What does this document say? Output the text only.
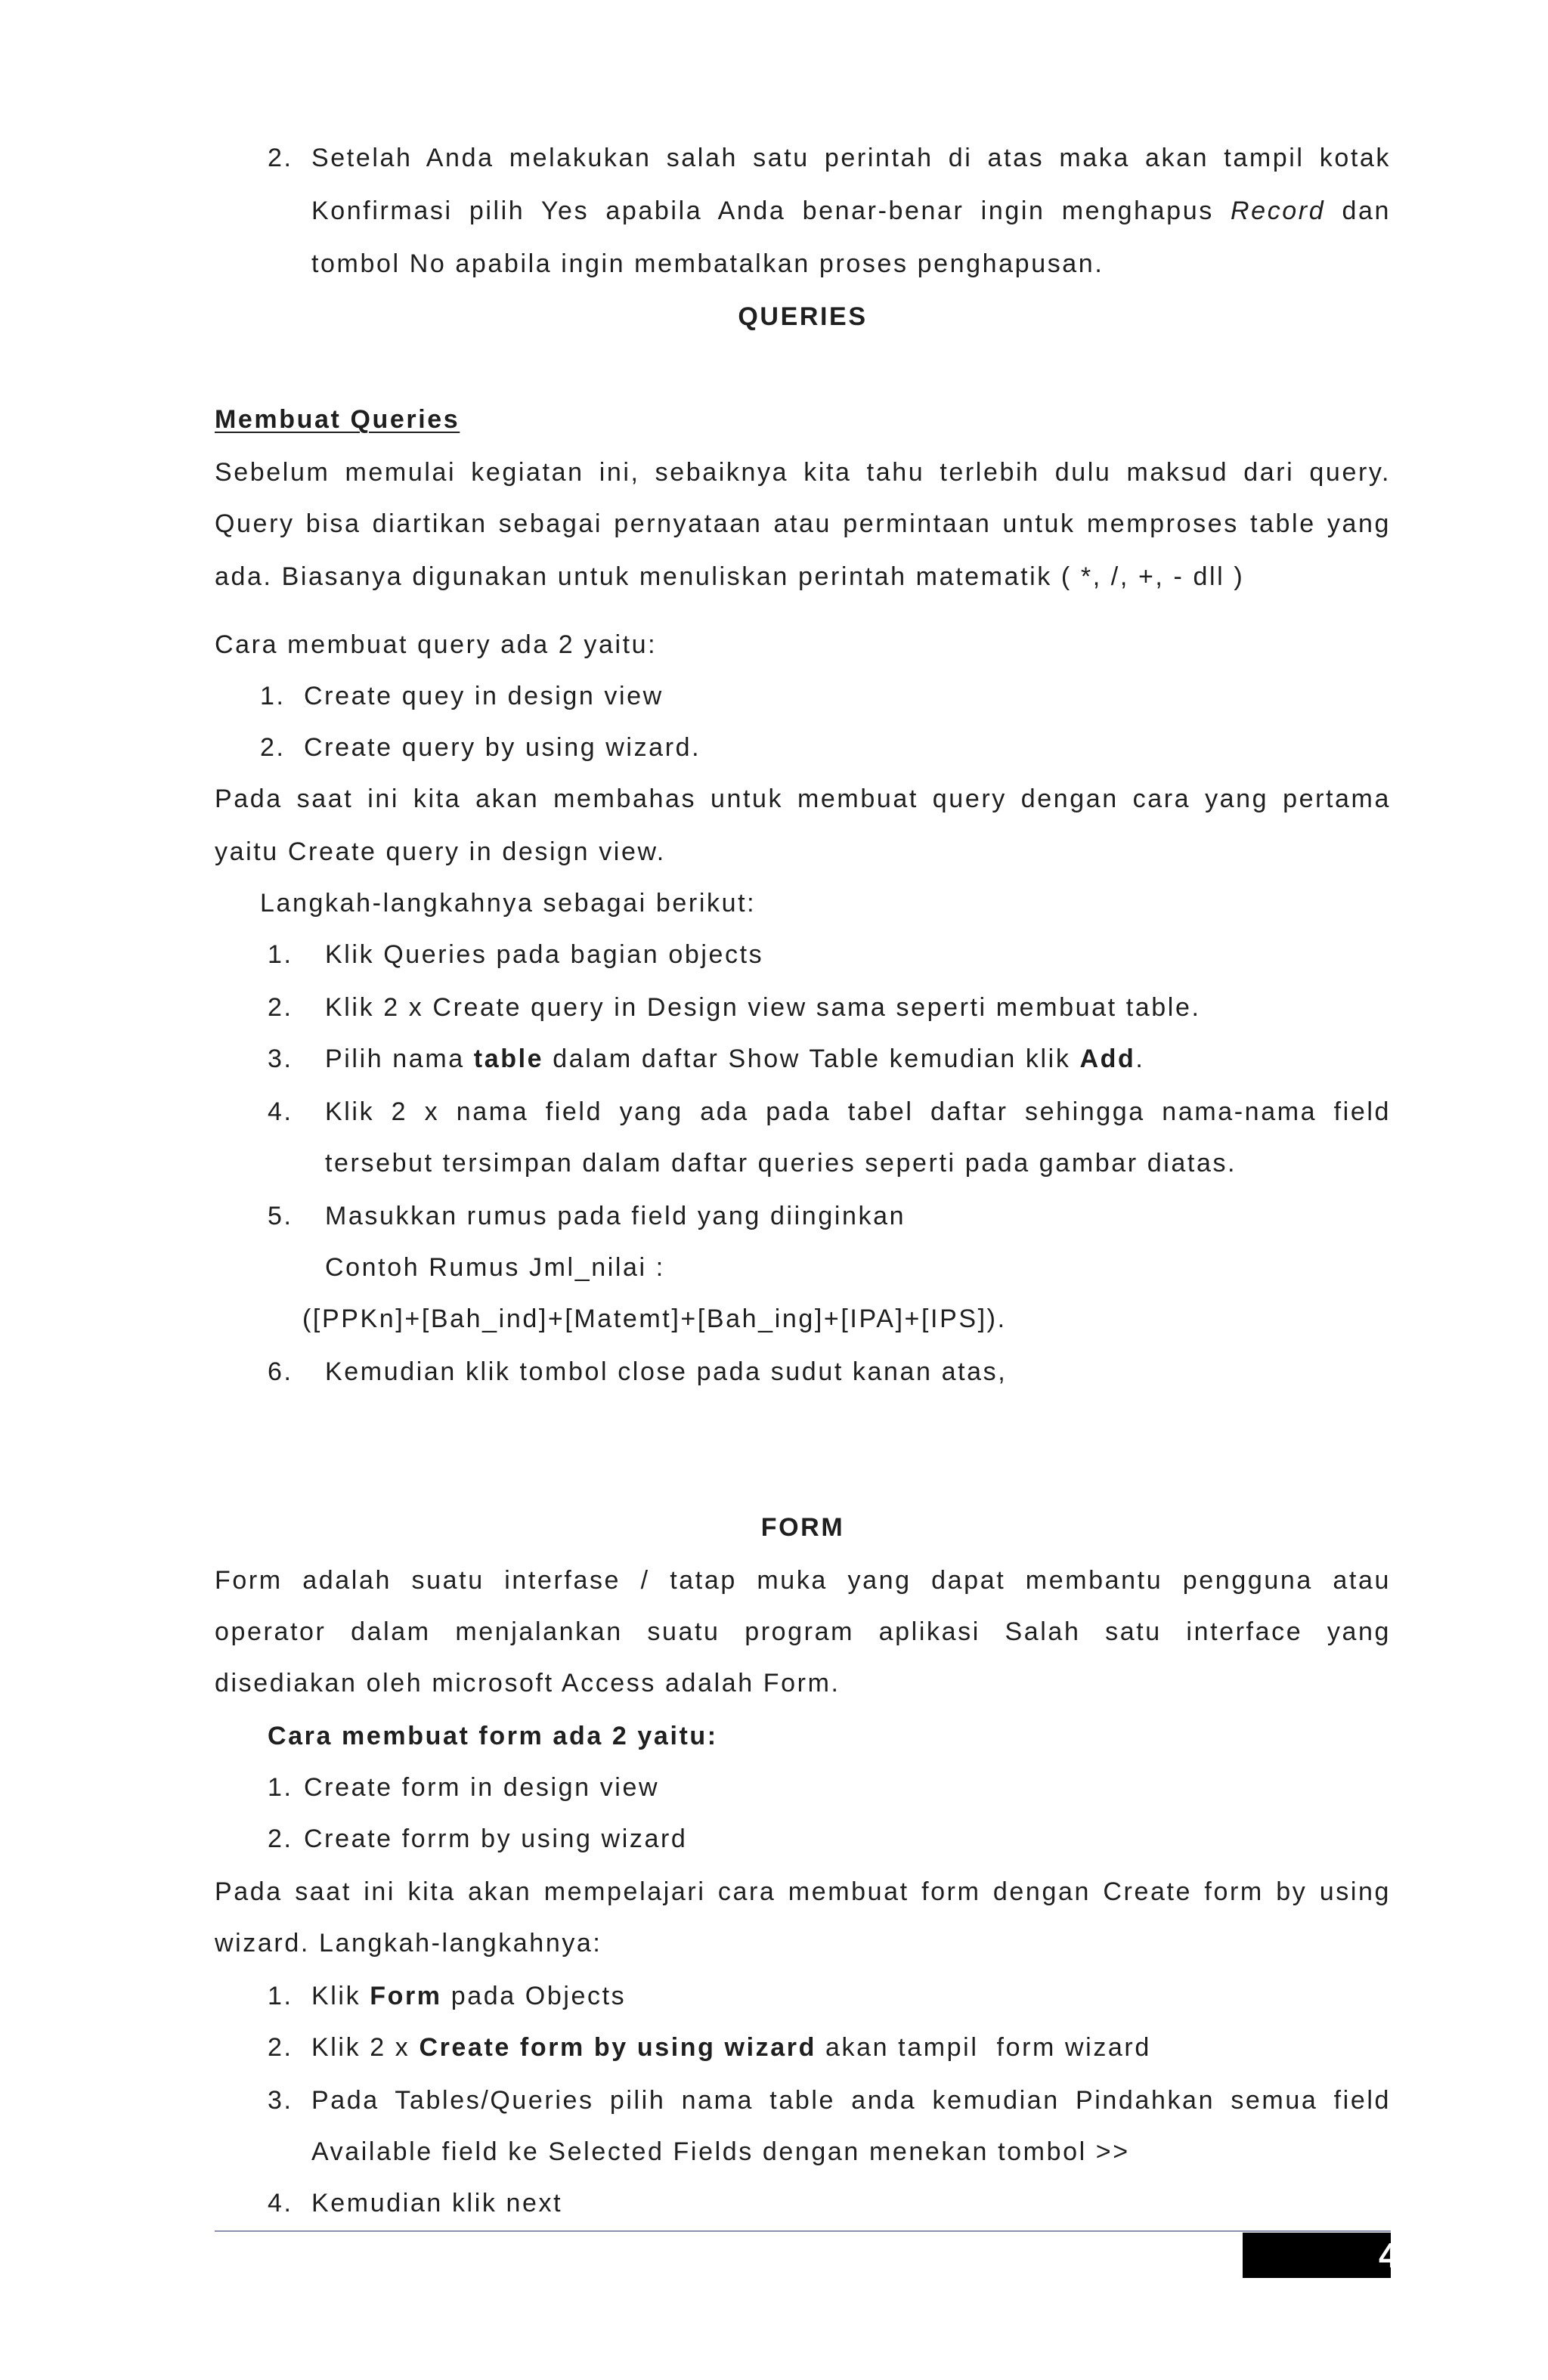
2. Setelah Anda melakukan salah satu perintah di atas maka akan tampil kotak
Konfirmasi pilih Yes apabila Anda benar-benar ingin menghapus Record dan
tombol No apabila ingin membatalkan proses penghapusan.
QUERIES
Membuat Queries
Sebelum memulai kegiatan ini, sebaiknya kita tahu terlebih dulu maksud dari query.
Query bisa diartikan sebagai pernyataan atau permintaan untuk memproses table yang
ada. Biasanya digunakan untuk menuliskan perintah matematik ( *, /, +, - dll )
Cara membuat query ada 2 yaitu:
1. Create quey in design view
2. Create query by using wizard.
Pada saat ini kita akan membahas untuk membuat query dengan cara yang pertama
yaitu Create query in design view.
Langkah-langkahnya sebagai berikut:
1. Klik Queries pada bagian objects
2. Klik 2 x Create query in Design view sama seperti membuat table.
3. Pilih nama table dalam daftar Show Table kemudian klik Add.
4. Klik 2 x nama field yang ada pada tabel daftar sehingga nama-nama field
tersebut tersimpan dalam daftar queries seperti pada gambar diatas.
5. Masukkan rumus pada field yang diinginkan
Contoh Rumus Jml_nilai :
([PPKn]+[Bah_ind]+[Matemt]+[Bah_ing]+[IPA]+[IPS]).
6. Kemudian klik tombol close pada sudut kanan atas,
FORM
Form adalah suatu interfase / tatap muka yang dapat membantu pengguna atau
operator dalam menjalankan suatu program aplikasi Salah satu interface yang
disediakan oleh microsoft Access adalah Form.
Cara membuat form ada 2 yaitu:
1. Create form in design view
2. Create forrm by using wizard
Pada saat ini kita akan mempelajari cara membuat form dengan Create form by using
wizard. Langkah-langkahnya:
1. Klik Form pada Objects
2. Klik 2 x Create form by using wizard akan tampil  form wizard
3. Pada Tables/Queries pilih nama table anda kemudian Pindahkan semua field
Available field ke Selected Fields dengan menekan tombol >>
4. Kemudian klik next
4
